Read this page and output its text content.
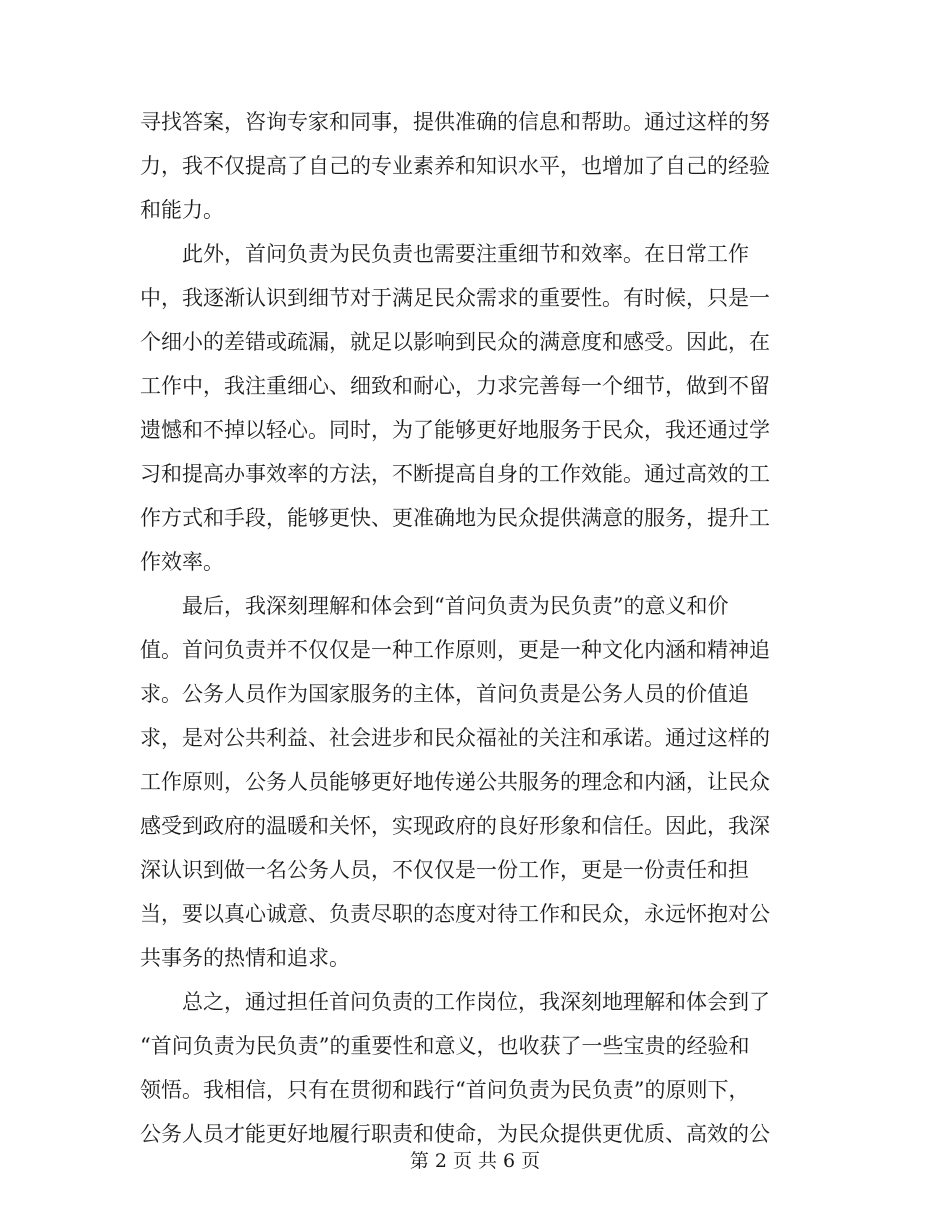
寻找答案，咨询专家和同事，提供准确的信息和帮助。通过这样的努
力，我不仅提高了自己的专业素养和知识水平，也增加了自己的经验
和能力。
此外，首问负责为民负责也需要注重细节和效率。在日常工作
中，我逐渐认识到细节对于满足民众需求的重要性。有时候，只是一
个细小的差错或疏漏，就足以影响到民众的满意度和感受。因此，在
工作中，我注重细心、细致和耐心，力求完善每一个细节，做到不留
遗憾和不掉以轻心。同时，为了能够更好地服务于民众，我还通过学
习和提高办事效率的方法，不断提高自身的工作效能。通过高效的工
作方式和手段，能够更快、更准确地为民众提供满意的服务，提升工
作效率。
最后，我深刻理解和体会到“首问负责为民负责”的意义和价
值。首问负责并不仅仅是一种工作原则，更是一种文化内涵和精神追
求。公务人员作为国家服务的主体，首问负责是公务人员的价值追
求，是对公共利益、社会进步和民众福祉的关注和承诺。通过这样的
工作原则，公务人员能够更好地传递公共服务的理念和内涵，让民众
感受到政府的温暖和关怀，实现政府的良好形象和信任。因此，我深
深认识到做一名公务人员，不仅仅是一份工作，更是一份责任和担
当，要以真心诚意、负责尽职的态度对待工作和民众，永远怀抱对公
共事务的热情和追求。
总之，通过担任首问负责的工作岗位，我深刻地理解和体会到了
“首问负责为民负责”的重要性和意义，也收获了一些宝贵的经验和
领悟。我相信，只有在贯彻和践行“首问负责为民负责”的原则下，
公务人员才能更好地履行职责和使命，为民众提供更优质、高效的公
第 2 页 共 6 页
